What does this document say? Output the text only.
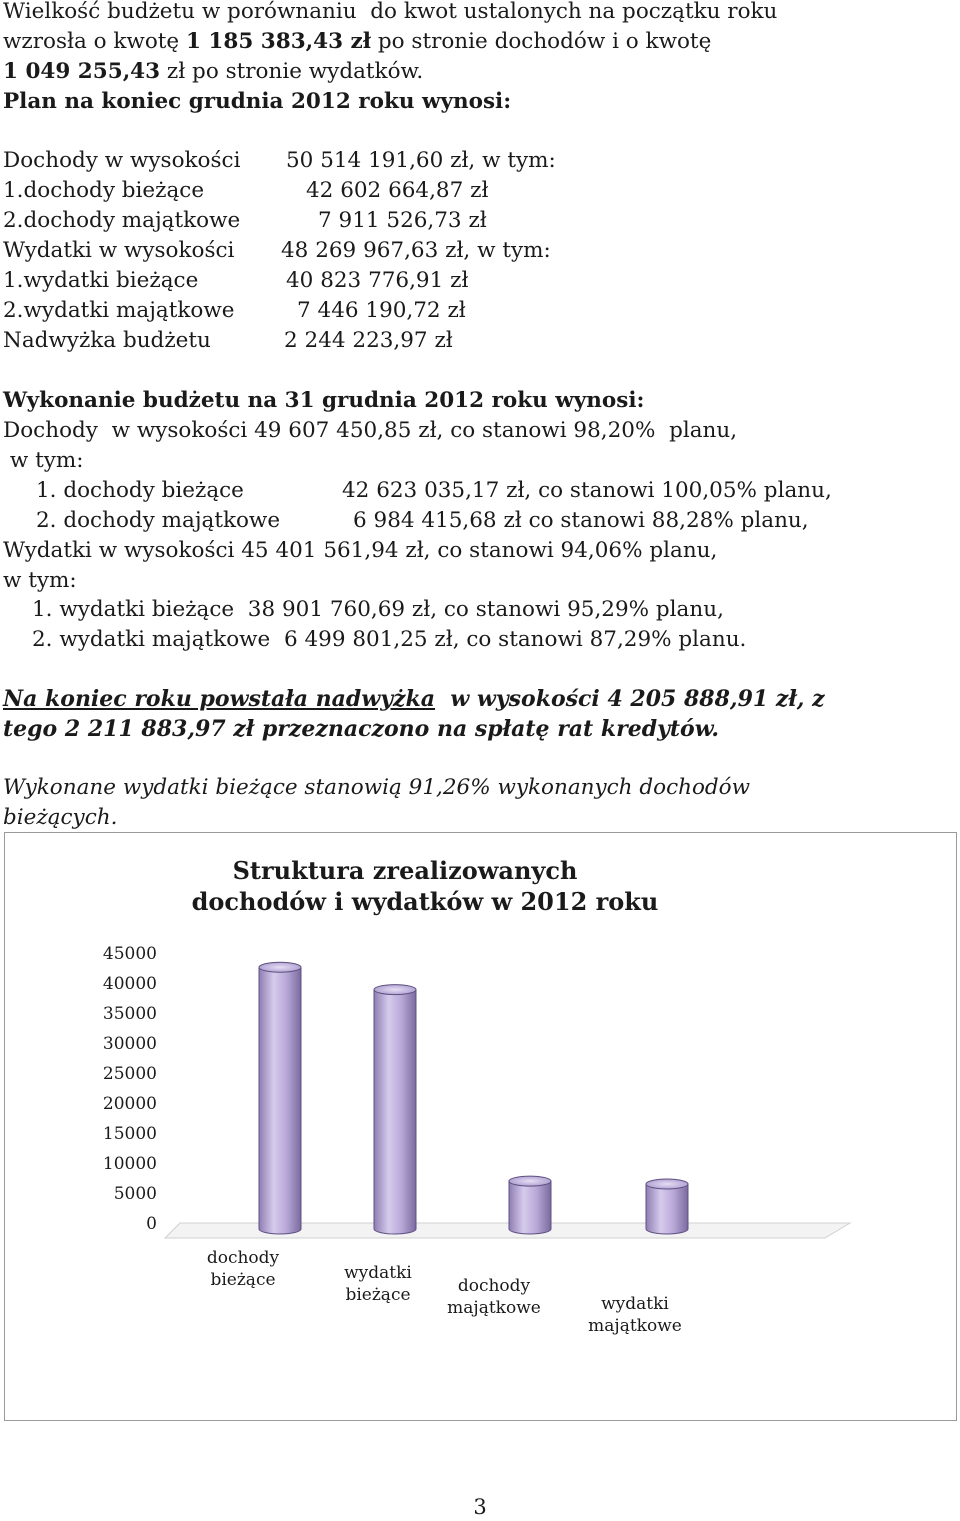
Wielkość budżetu w porównaniu  do kwot ustalonych na początku roku
wzrosła o kwotę 1 185 383,43 zł po stronie dochodów i o kwotę
1 049 255,43 zł po stronie wydatków.
Plan na koniec grudnia 2012 roku wynosi:
Dochody w wysokości 50 514 191,60 zł, w tym:
1.dochody bieżące	42 602 664,87 zł
2.dochody majątkowe	7 911 526,73 zł
Wydatki w wysokości 48 269 967,63 zł, w tym:
1.wydatki bieżące	40 823 776,91 zł
2.wydatki majątkowe	7 446 190,72 zł
Nadwyżka budżetu	2 244 223,97 zł
Wykonanie budżetu na 31 grudnia 2012 roku wynosi:
Dochody  w wysokości 49 607 450,85 zł, co stanowi 98,20%  planu,
w tym:
1. dochody bieżące	42 623 035,17 zł, co stanowi 100,05% planu,
2. dochody majątkowe	6 984 415,68 zł co stanowi 88,28% planu,
Wydatki w wysokości 45 401 561,94 zł, co stanowi 94,06% planu,
w tym:
1. wydatki bieżące  38 901 760,69 zł, co stanowi 95,29% planu,
2. wydatki majątkowe  6 499 801,25 zł, co stanowi 87,29% planu.
Na koniec roku powstała nadwyżka  w wysokości 4 205 888,91 zł, z
tego 2 211 883,97 zł przeznaczono na spłatę rat kredytów.
Wykonane wydatki bieżące stanowią 91,26% wykonanych dochodów
bieżących.
Struktura zrealizowanych
dochodów i wydatków w 2012 roku
0
5000
10000
15000
20000
25000
30000
35000
40000
45000
dochody
bieżące	wydatki
bieżące	dochody
majątkowe	wydatki
majątkowe
3
